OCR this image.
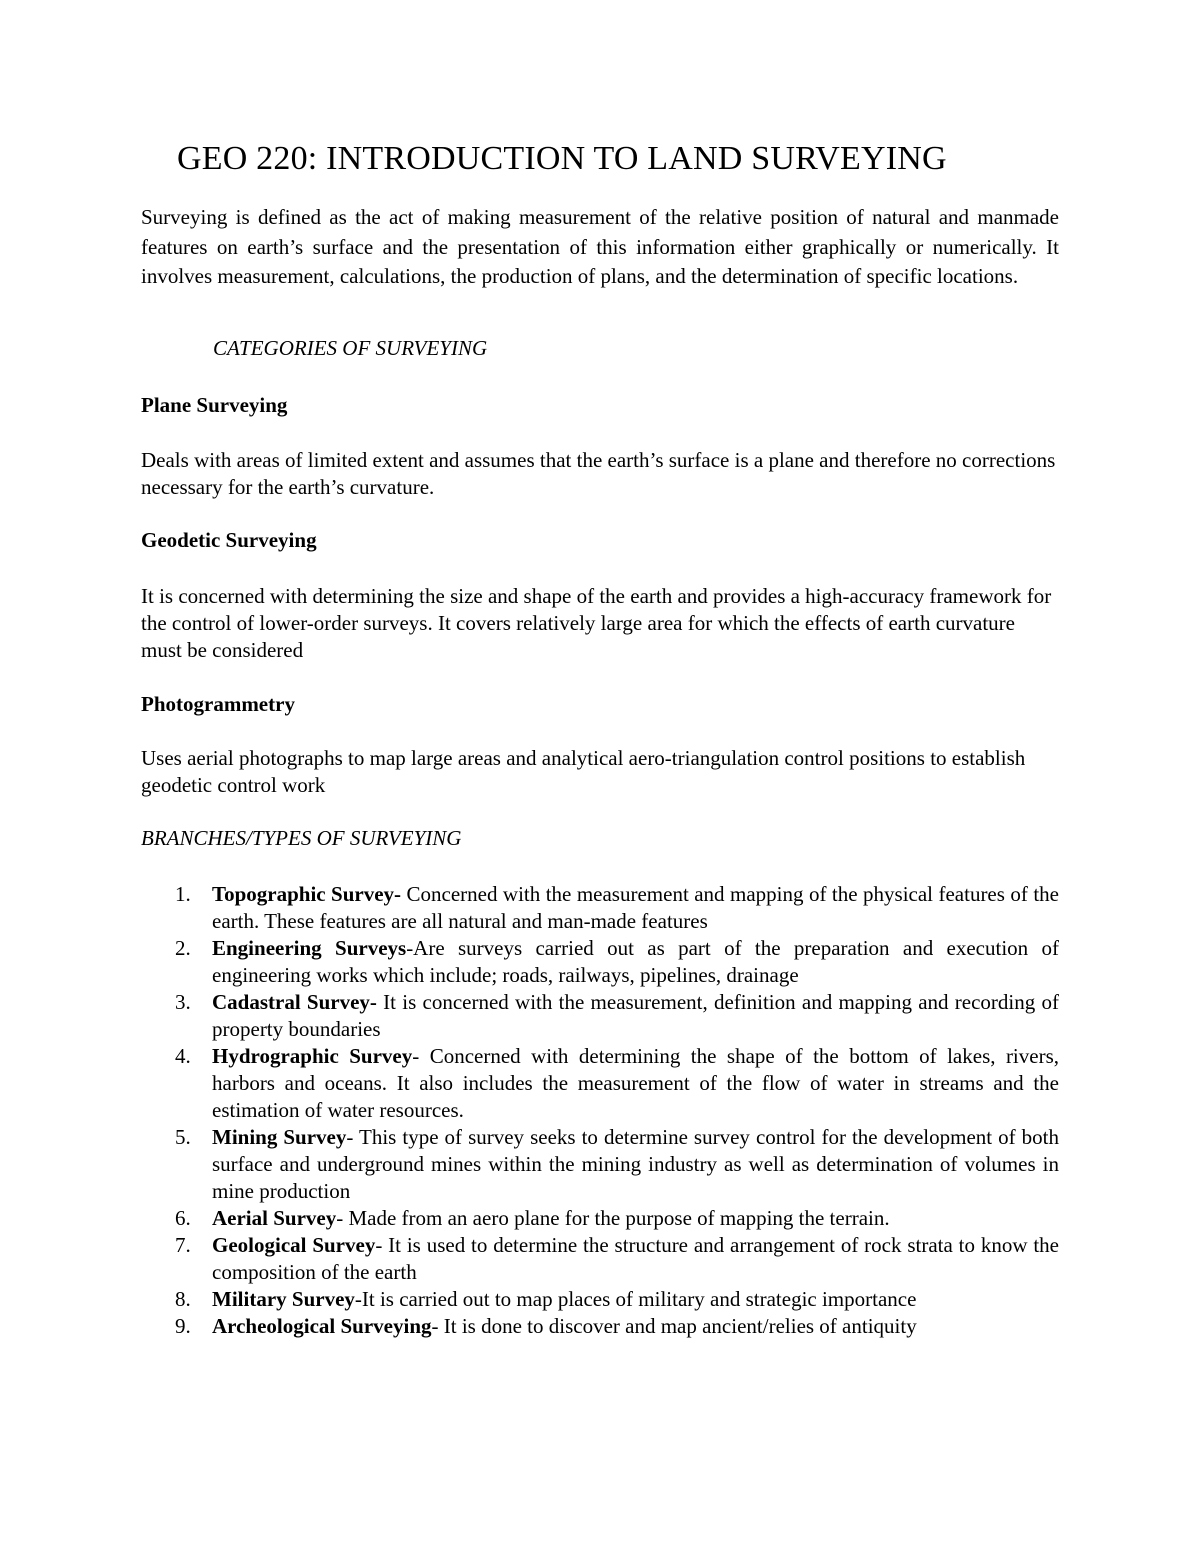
GEO 220: INTRODUCTION TO LAND SURVEYING

Surveying is defined as the act of making measurement of the relative position of natural and manmade features on earth’s surface and the presentation of this information either graphically or numerically. It involves measurement, calculations, the production of plans, and the determination of specific locations.

CATEGORIES OF SURVEYING

Plane Surveying

Deals with areas of limited extent and assumes that the earth’s surface is a plane and therefore no corrections necessary for the earth’s curvature.

Geodetic Surveying

It is concerned with determining the size and shape of the earth and provides a high-accuracy framework for the control of lower-order surveys. It covers relatively large area for which the effects of earth curvature must be considered

Photogrammetry

Uses aerial photographs to map large areas and analytical aero-triangulation control positions to establish geodetic control work

BRANCHES/TYPES OF SURVEYING

1. Topographic Survey- Concerned with the measurement and mapping of the physical features of the earth. These features are all natural and man-made features
2. Engineering Surveys-Are surveys carried out as part of the preparation and execution of engineering works which include; roads, railways, pipelines, drainage
3. Cadastral Survey- It is concerned with the measurement, definition and mapping and recording of property boundaries
4. Hydrographic Survey- Concerned with determining the shape of the bottom of lakes, rivers, harbors and oceans. It also includes the measurement of the flow of water in streams and the estimation of water resources.
5. Mining Survey- This type of survey seeks to determine survey control for the development of both surface and underground mines within the mining industry as well as determination of volumes in mine production
6. Aerial Survey- Made from an aero plane for the purpose of mapping the terrain.
7. Geological Survey- It is used to determine the structure and arrangement of rock strata to know the composition of the earth
8. Military Survey-It is carried out to map places of military and strategic importance
9. Archeological Surveying- It is done to discover and map ancient/relies of antiquity
